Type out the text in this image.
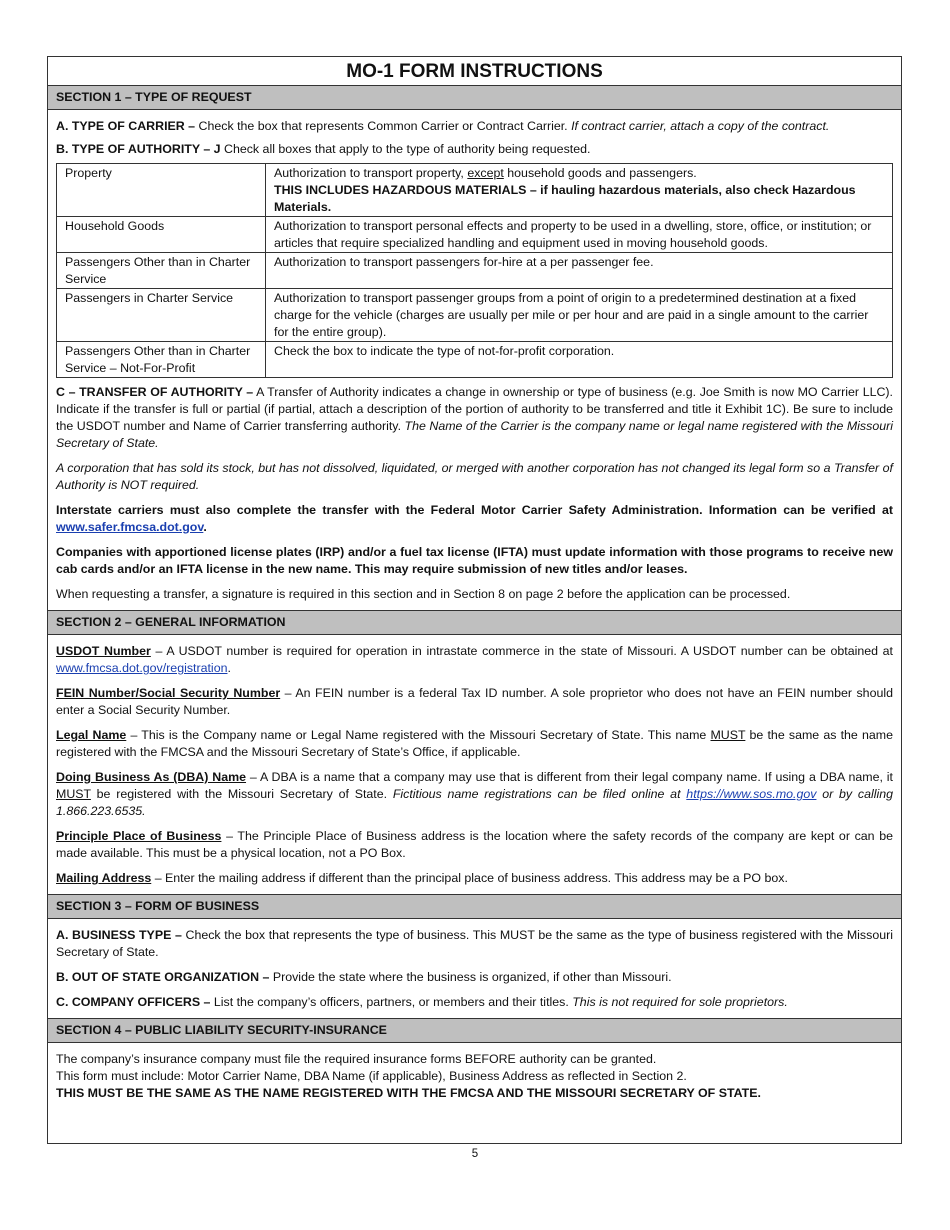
MO-1 FORM INSTRUCTIONS
SECTION 1 – TYPE OF REQUEST

A. TYPE OF CARRIER – Check the box that represents Common Carrier or Contract Carrier. If contract carrier, attach a copy of the contract.

B. TYPE OF AUTHORITY – J Check all boxes that apply to the type of authority being requested.

Property	Authorization to transport property, except household goods and passengers.
THIS INCLUDES HAZARDOUS MATERIALS – if hauling hazardous materials, also check Hazardous Materials.
Household Goods	Authorization to transport personal effects and property to be used in a dwelling, store, office, or institution; or articles that require specialized handling and equipment used in moving household goods.
Passengers Other than in Charter Service	Authorization to transport passengers for-hire at a per passenger fee.
Passengers in Charter Service	Authorization to transport passenger groups from a point of origin to a predetermined destination at a fixed charge for the vehicle (charges are usually per mile or per hour and are paid in a single amount to the carrier for the entire group).
Passengers Other than in Charter Service – Not-For-Profit	Check the box to indicate the type of not-for-profit corporation.

C – TRANSFER OF AUTHORITY – A Transfer of Authority indicates a change in ownership or type of business (e.g. Joe Smith is now MO Carrier LLC). Indicate if the transfer is full or partial (if partial, attach a description of the portion of authority to be transferred and title it Exhibit 1C). Be sure to include the USDOT number and Name of Carrier transferring authority. The Name of the Carrier is the company name or legal name registered with the Missouri Secretary of State.

A corporation that has sold its stock, but has not dissolved, liquidated, or merged with another corporation has not changed its legal form so a Transfer of Authority is NOT required.

Interstate carriers must also complete the transfer with the Federal Motor Carrier Safety Administration. Information can be verified at www.safer.fmcsa.dot.gov.

Companies with apportioned license plates (IRP) and/or a fuel tax license (IFTA) must update information with those programs to receive new cab cards and/or an IFTA license in the new name. This may require submission of new titles and/or leases.

When requesting a transfer, a signature is required in this section and in Section 8 on page 2 before the application can be processed.

SECTION 2 – GENERAL INFORMATION

USDOT Number – A USDOT number is required for operation in intrastate commerce in the state of Missouri. A USDOT number can be obtained at www.fmcsa.dot.gov/registration.

FEIN Number/Social Security Number – An FEIN number is a federal Tax ID number. A sole proprietor who does not have an FEIN number should enter a Social Security Number.

Legal Name – This is the Company name or Legal Name registered with the Missouri Secretary of State. This name MUST be the same as the name registered with the FMCSA and the Missouri Secretary of State’s Office, if applicable.

Doing Business As (DBA) Name – A DBA is a name that a company may use that is different from their legal company name. If using a DBA name, it MUST be registered with the Missouri Secretary of State. Fictitious name registrations can be filed online at https://www.sos.mo.gov or by calling 1.866.223.6535.

Principle Place of Business – The Principle Place of Business address is the location where the safety records of the company are kept or can be made available. This must be a physical location, not a PO Box.

Mailing Address – Enter the mailing address if different than the principal place of business address. This address may be a PO box.

SECTION 3 – FORM OF BUSINESS

A. BUSINESS TYPE – Check the box that represents the type of business. This MUST be the same as the type of business registered with the Missouri Secretary of State.

B. OUT OF STATE ORGANIZATION – Provide the state where the business is organized, if other than Missouri.

C. COMPANY OFFICERS – List the company’s officers, partners, or members and their titles. This is not required for sole proprietors.

SECTION 4 – PUBLIC LIABILITY SECURITY-INSURANCE

The company’s insurance company must file the required insurance forms BEFORE authority can be granted.

This form must include: Motor Carrier Name, DBA Name (if applicable), Business Address as reflected in Section 2.

THIS MUST BE THE SAME AS THE NAME REGISTERED WITH THE FMCSA AND THE MISSOURI SECRETARY OF STATE.

5
